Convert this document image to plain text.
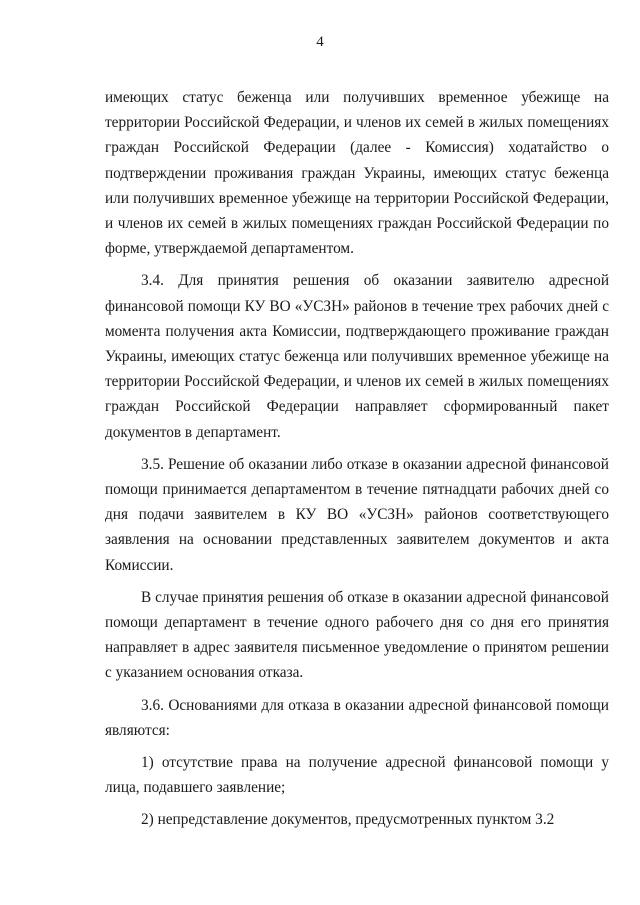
4

имеющих статус беженца или получивших временное убежище на территории Российской Федерации, и членов их семей в жилых помещениях граждан Российской Федерации (далее - Комиссия) ходатайство о подтверждении проживания граждан Украины, имеющих статус беженца или получивших временное убежище на территории Российской Федерации, и членов их семей в жилых помещениях граждан Российской Федерации по форме, утверждаемой департаментом.

3.4. Для принятия решения об оказании заявителю адресной финансовой помощи КУ ВО «УСЗН» районов в течение трех рабочих дней с момента получения акта Комиссии, подтверждающего проживание граждан Украины, имеющих статус беженца или получивших временное убежище на территории Российской Федерации, и членов их семей в жилых помещениях граждан Российской Федерации направляет сформированный пакет документов в департамент.

3.5. Решение об оказании либо отказе в оказании адресной финансовой помощи принимается департаментом в течение пятнадцати рабочих дней со дня подачи заявителем в КУ ВО «УСЗН» районов соответствующего заявления на основании представленных заявителем документов и акта Комиссии.

В случае принятия решения об отказе в оказании адресной финансовой помощи департамент в течение одного рабочего дня со дня его принятия направляет в адрес заявителя письменное уведомление о принятом решении с указанием основания отказа.

3.6. Основаниями для отказа в оказании адресной финансовой помощи являются:

1) отсутствие права на получение адресной финансовой помощи у лица, подавшего заявление;

2) непредставление документов, предусмотренных пунктом 3.2
